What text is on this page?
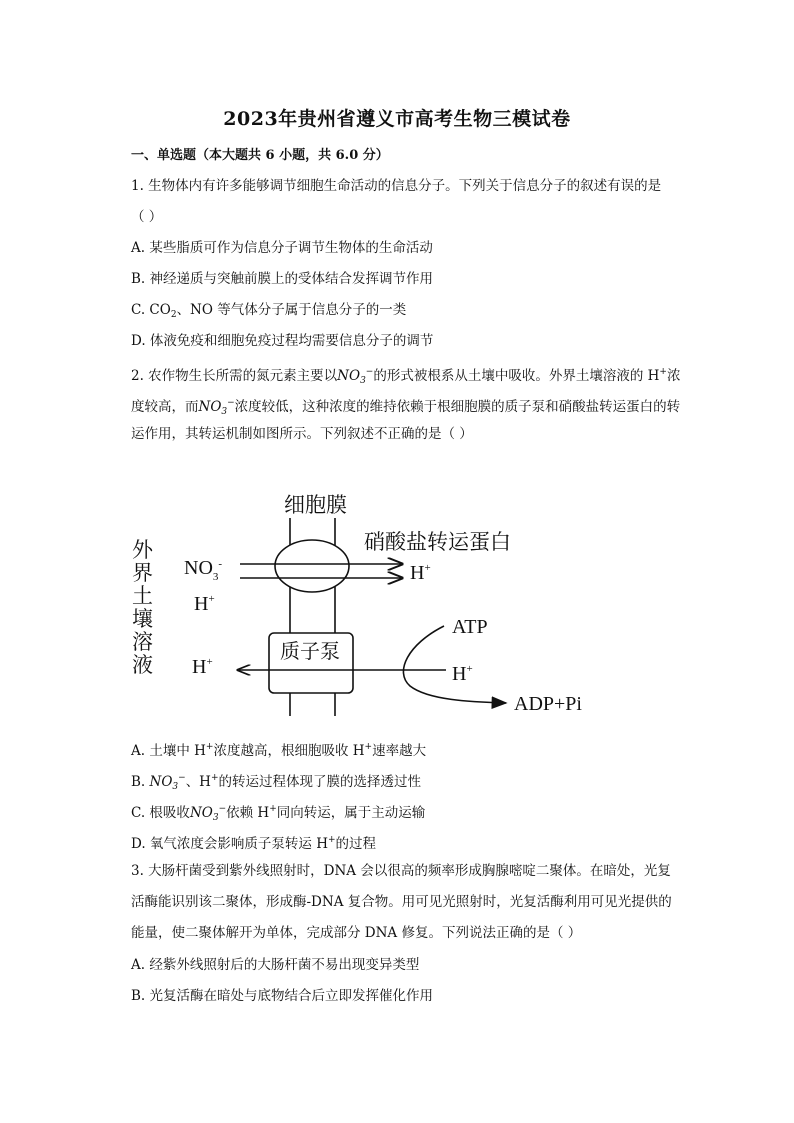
2023年贵州省遵义市高考生物三模试卷
一、单选题（本大题共 6 小题，共 6.0 分）
1. 生物体内有许多能够调节细胞生命活动的信息分子。下列关于信息分子的叙述有误的是
（ ）
A. 某些脂质可作为信息分子调节生物体的生命活动
B. 神经递质与突触前膜上的受体结合发挥调节作用
C. $CO_2$、NO 等气体分子属于信息分子的一类
D. 体液免疫和细胞免疫过程均需要信息分子的调节
2. 农作物生长所需的氮元素主要以$NO_3^-$的形式被根系从土壤中吸收。外界土壤溶液的 H+浓
度较高，而$NO_3^-$浓度较低，这种浓度的维持依赖于根细胞膜的质子泵和硝酸盐转运蛋白的转
运作用，其转运机制如图所示。下列叙述不正确的是（ ）
细胞膜
硝酸盐转运蛋白
外
界
土
壤
溶
液
$NO_3^-$	H+
H+
质子泵
H+
H+
ATP
ADP+Pi
A. 土壤中 H+浓度越高，根细胞吸收 H+速率越大
B. $NO_3^-$、H+的转运过程体现了膜的选择透过性
C. 根吸收$NO_3^-$依赖 H+同向转运，属于主动运输
D. 氧气浓度会影响质子泵转运 H+的过程
3. 大肠杆菌受到紫外线照射时，DNA 会以很高的频率形成胸腺嘧啶二聚体。在暗处，光复
活酶能识别该二聚体，形成酶-DNA 复合物。用可见光照射时，光复活酶利用可见光提供的
能量，使二聚体解开为单体，完成部分 DNA 修复。下列说法正确的是（ ）
A. 经紫外线照射后的大肠杆菌不易出现变异类型
B. 光复活酶在暗处与底物结合后立即发挥催化作用
